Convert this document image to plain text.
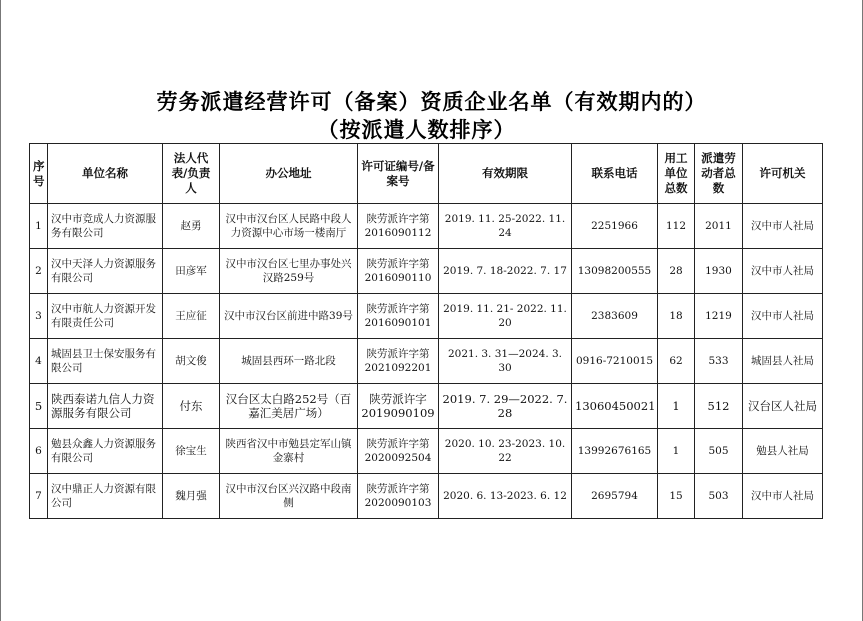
劳务派遣经营许可（备案）资质企业名单（有效期内的）
（按派遣人数排序）
序号	单位名称	法人代表/负责人	办公地址	许可证编号/备案号	有效期限	联系电话	用工单位总数	派遣劳动者总数	许可机关
1	汉中市竞成人力资源服务有限公司	赵勇	汉中市汉台区人民路中段人力资源中心市场一楼南厅	陕劳派许字第2016090112	2019. 11. 25-2022. 11. 24	2251966	112	2011	汉中市人社局
2	汉中天泽人力资源服务有限公司	田彦军	汉中市汉台区七里办事处兴汉路259号	陕劳派许字第2016090110	2019. 7. 18-2022. 7. 17	13098200555	28	1930	汉中市人社局
3	汉中市航人力资源开发有限责任公司	王应征	汉中市汉台区前进中路39号	陕劳派许字第2016090101	2019. 11. 21- 2022. 11. 20	2383609	18	1219	汉中市人社局
4	城固县卫士保安服务有限公司	胡文俊	城固县西环一路北段	陕劳派许字第2021092201	2021. 3. 31—2024. 3. 30	0916-7210015	62	533	城固县人社局
5	陕西泰诺九信人力资源服务有限公司	付东	汉台区太白路252号（百嘉汇美居广场）	陕劳派许字2019090109	2019. 7. 29—2022. 7. 28	13060450021	1	512	汉台区人社局
6	勉县众鑫人力资源服务有限公司	徐宝生	陕西省汉中市勉县定军山镇金寨村	陕劳派许字第2020092504	2020. 10. 23-2023. 10. 22	13992676165	1	505	勉县人社局
7	汉中鼎正人力资源有限公司	魏月强	汉中市汉台区兴汉路中段南侧	陕劳派许字第2020090103	2020. 6. 13-2023. 6. 12	2695794	15	503	汉中市人社局
